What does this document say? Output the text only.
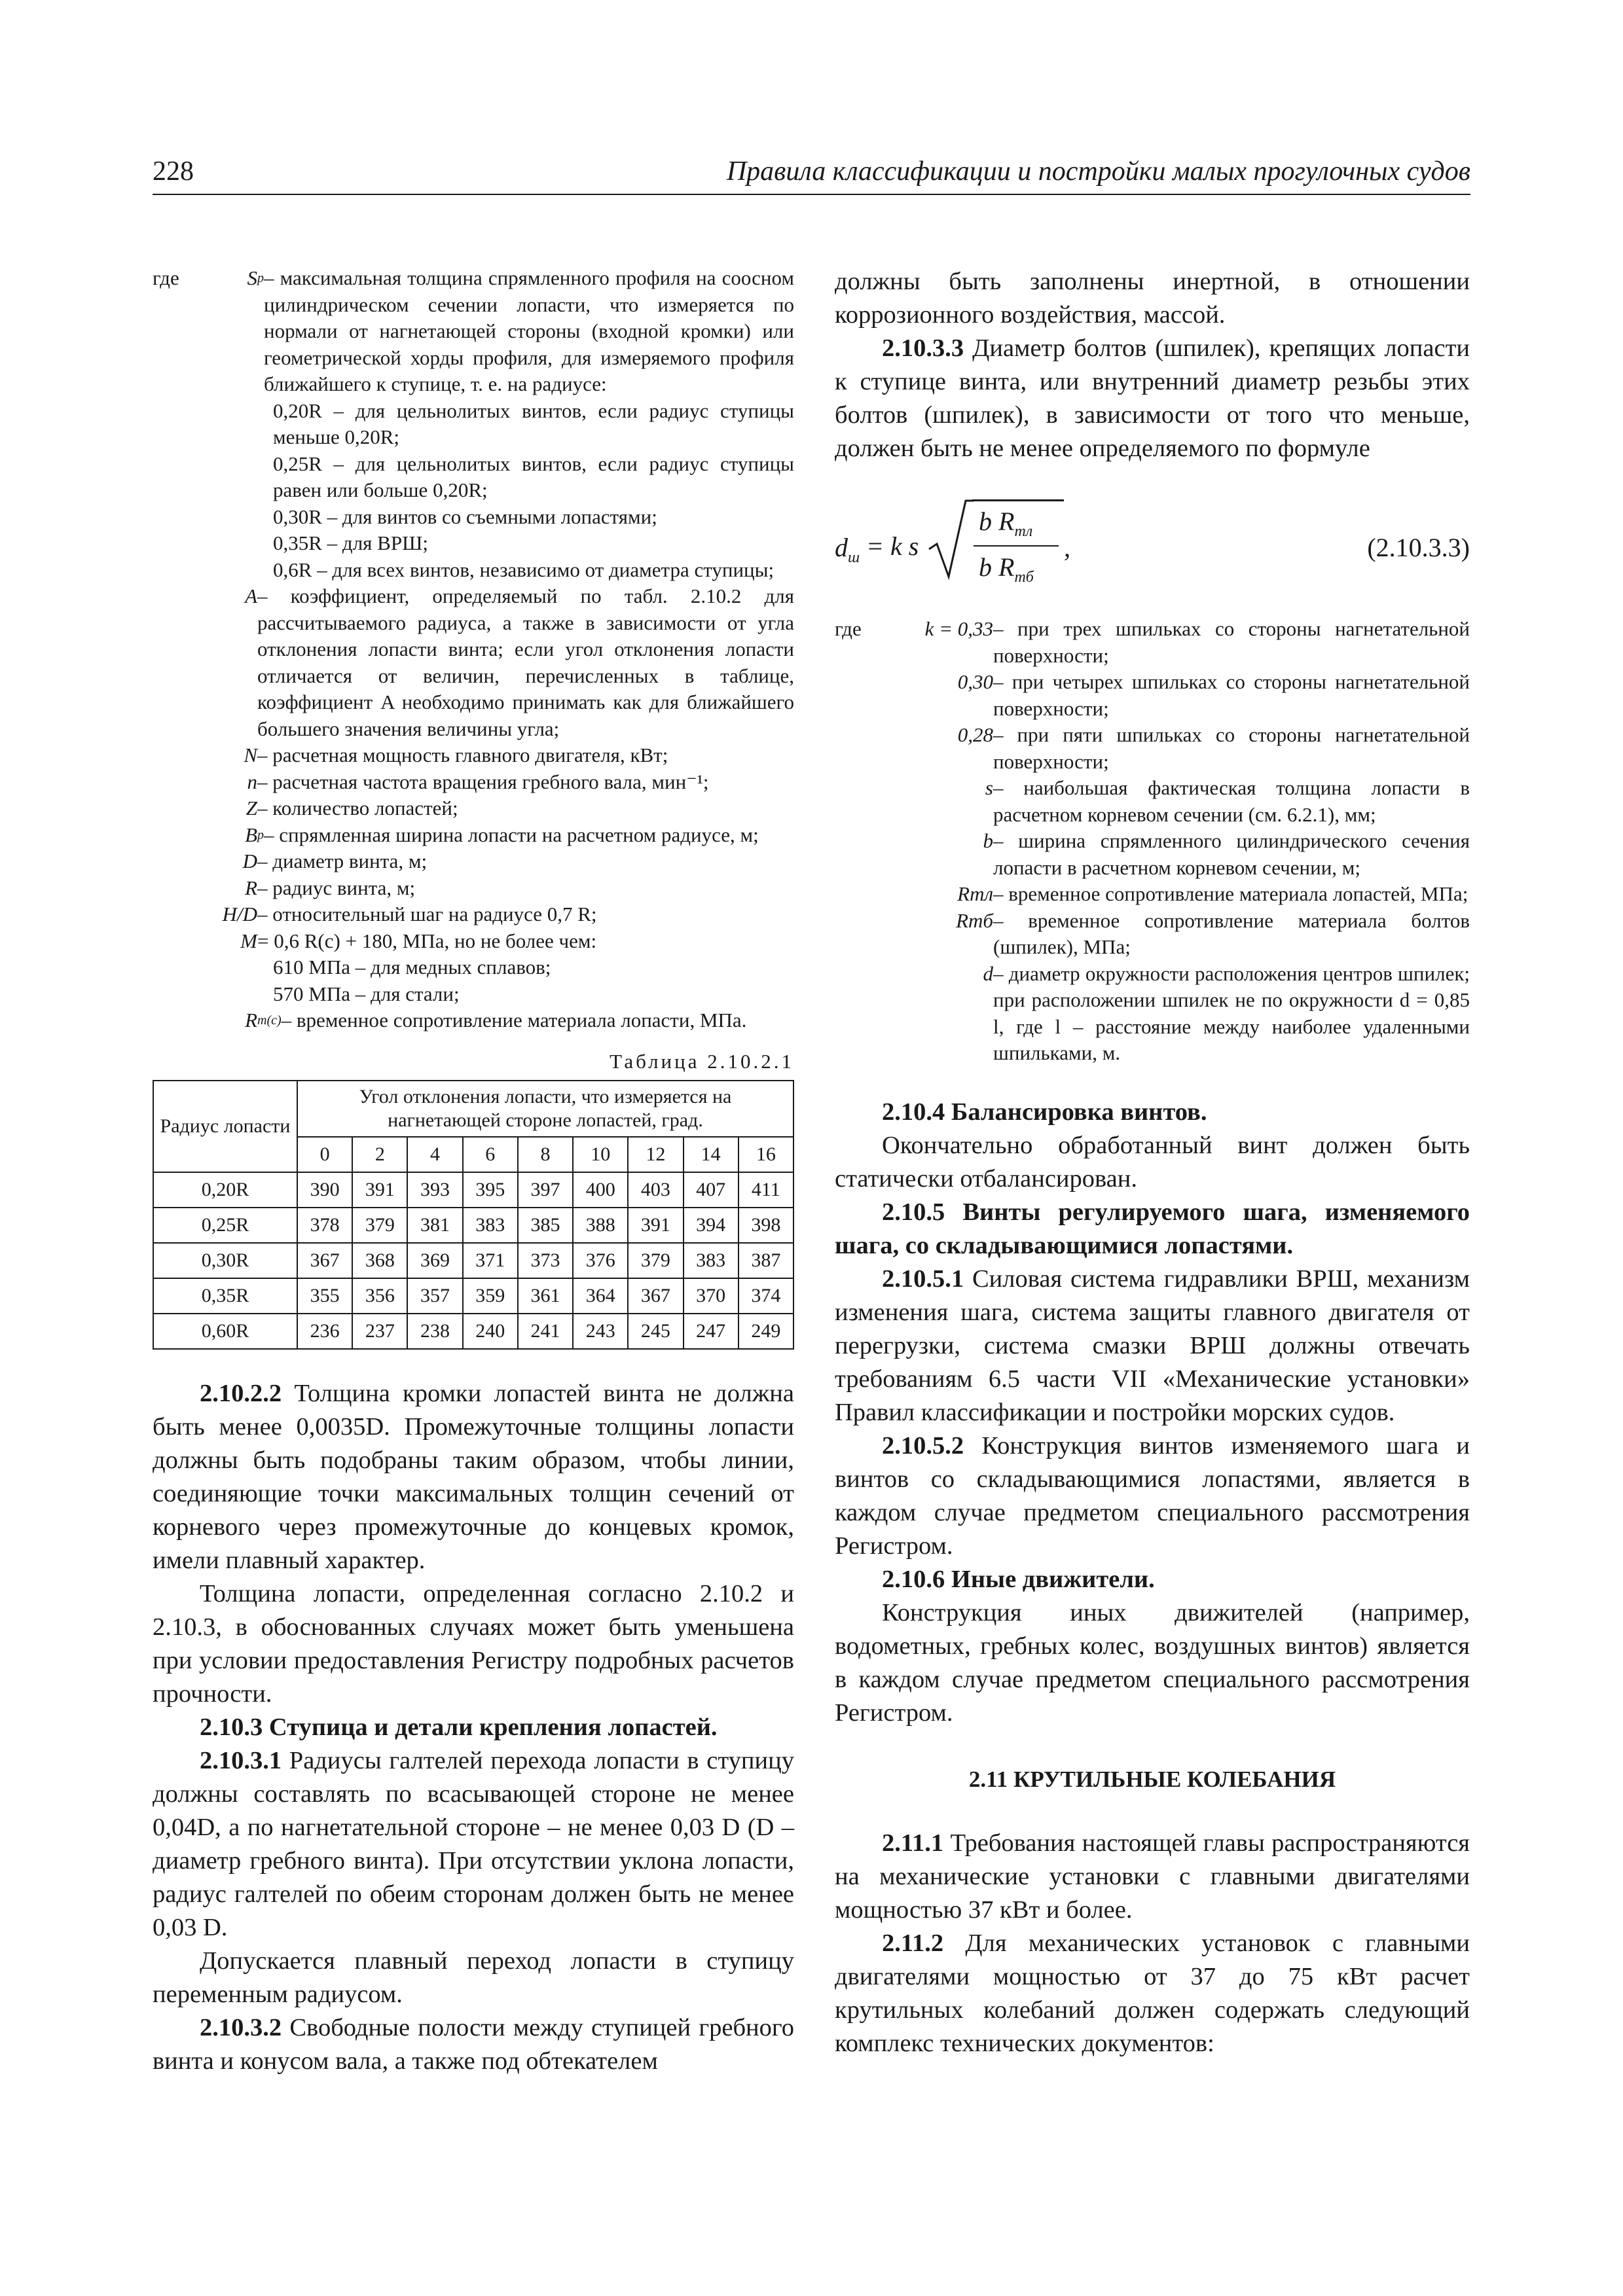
228	Правила классификации и постройки малых прогулочных судов
где	S p – максимальная толщина спрямленного профиля на соосном цилиндрическом сечении лопасти, что измеряется по нормали от нагнетающей стороны (входной кромки) или геометрической хорды профиля, для измеряемого профиля ближайшего к ступице, т. е. на радиусе:
0,20R – для цельнолитых винтов, если радиус ступицы меньше 0,20R;
0,25R – для цельнолитых винтов, если радиус ступицы равен или больше 0,20R;
0,30R – для винтов со съемными лопастями;
0,35R – для ВРШ;
0,6R – для всех винтов, независимо от диаметра ступицы;
A – коэффициент, определяемый по табл. 2.10.2 для рассчитываемого радиуса, а также в зависимости от угла отклонения лопасти винта; если угол отклонения лопасти отличается от величин, перечисленных в таблице, коэффициент A необходимо принимать как для ближайшего большего значения величины угла;
N – расчетная мощность главного двигателя, кВт;
n – расчетная частота вращения гребного вала, мин⁻¹;
Z – количество лопастей;
B p – спрямленная ширина лопасти на расчетном радиусе, м;
D – диаметр винта, м;
R – радиус винта, м;
H/D – относительный шаг на радиусе 0,7 R;
M = 0,6 R(с) + 180, МПа, но не более чем:
610 МПа – для медных сплавов;
570 МПа – для стали;
R m(с) – временное сопротивление материала лопасти, МПа.
Таблица 2.10.2.1
Радиус лопасти	Угол отклонения лопасти, что измеряется на нагнетающей стороне лопастей, град.								
	0	2	4	6	8	10	12	14	16
0,20R	390	391	393	395	397	400	403	407	411
0,25R	378	379	381	383	385	388	391	394	398
0,30R	367	368	369	371	373	376	379	383	387
0,35R	355	356	357	359	361	364	367	370	374
0,60R	236	237	238	240	241	243	245	247	249

2.10.2.2 Толщина кромки лопастей винта не должна быть менее 0,0035D. Промежуточные толщины лопасти должны быть подобраны таким образом, чтобы линии, соединяющие точки максимальных толщин сечений от корневого через промежуточные до концевых кромок, имели плавный характер.

Толщина лопасти, определенная согласно 2.10.2 и 2.10.3, в обоснованных случаях может быть уменьшена при условии предоставления Регистру подробных расчетов прочности.

2.10.3 Ступица и детали крепления лопастей.

2.10.3.1 Радиусы галтелей перехода лопасти в ступицу должны составлять по всасывающей стороне не менее 0,04D, а по нагнетательной стороне – не менее 0,03 D (D – диаметр гребного винта). При отсутствии уклона лопасти, радиус галтелей по обеим сторонам должен быть не менее 0,03 D.

Допускается плавный переход лопасти в ступицу переменным радиусом.

2.10.3.2 Свободные полости между ступицей гребного винта и конусом вала, а также под обтекателем

должны быть заполнены инертной, в отношении коррозионного воздействия, массой.

2.10.3.3 Диаметр болтов (шпилек), крепящих лопасти к ступице винта, или внутренний диаметр резьбы этих болтов (шпилек), в зависимости от того что меньше, должен быть не менее определяемого по формуле

$d_ш = k$ s
b $R_{тл}$
b $R_{тб}$
,	(2.10.3.3)
где	k = 0,33 – при трех шпильках со стороны нагнетательной поверхности;
0,30 – при четырех шпильках со стороны нагнетательной поверхности;
0,28 – при пяти шпильках со стороны нагнетательной поверхности;
s – наибольшая фактическая толщина лопасти в расчетном корневом сечении (см. 6.2.1), мм;
b – ширина спрямленного цилиндрического сечения лопасти в расчетном корневом сечении, м;
Rтл – временное сопротивление материала лопастей, МПа;
Rтб – временное сопротивление материала болтов (шпилек), МПа;
d – диаметр окружности расположения центров шпилек; при расположении шпилек не по окружности d = 0,85 l, где l – расстояние между наиболее удаленными шпильками, м.

2.10.4 Балансировка винтов.

Окончательно обработанный винт должен быть статически отбалансирован.

2.10.5 Винты регулируемого шага, изменяемого шага, со складывающимися лопастями.

2.10.5.1 Силовая система гидравлики ВРШ, механизм изменения шага, система защиты главного двигателя от перегрузки, система смазки ВРШ должны отвечать требованиям 6.5 части VII «Механические установки» Правил классификации и постройки морских судов.

2.10.5.2 Конструкция винтов изменяемого шага и винтов со складывающимися лопастями, является в каждом случае предметом специального рассмотрения Регистром.

2.10.6 Иные движители.

Конструкция иных движителей (например, водометных, гребных колес, воздушных винтов) является в каждом случае предметом специального рассмотрения Регистром.

2.11 КРУТИЛЬНЫЕ КОЛЕБАНИЯ

2.11.1 Требования настоящей главы распространяются на механические установки с главными двигателями мощностью 37 кВт и более.

2.11.2 Для механических установок с главными двигателями мощностью от 37 до 75 кВт расчет крутильных колебаний должен содержать следующий комплекс технических документов:
